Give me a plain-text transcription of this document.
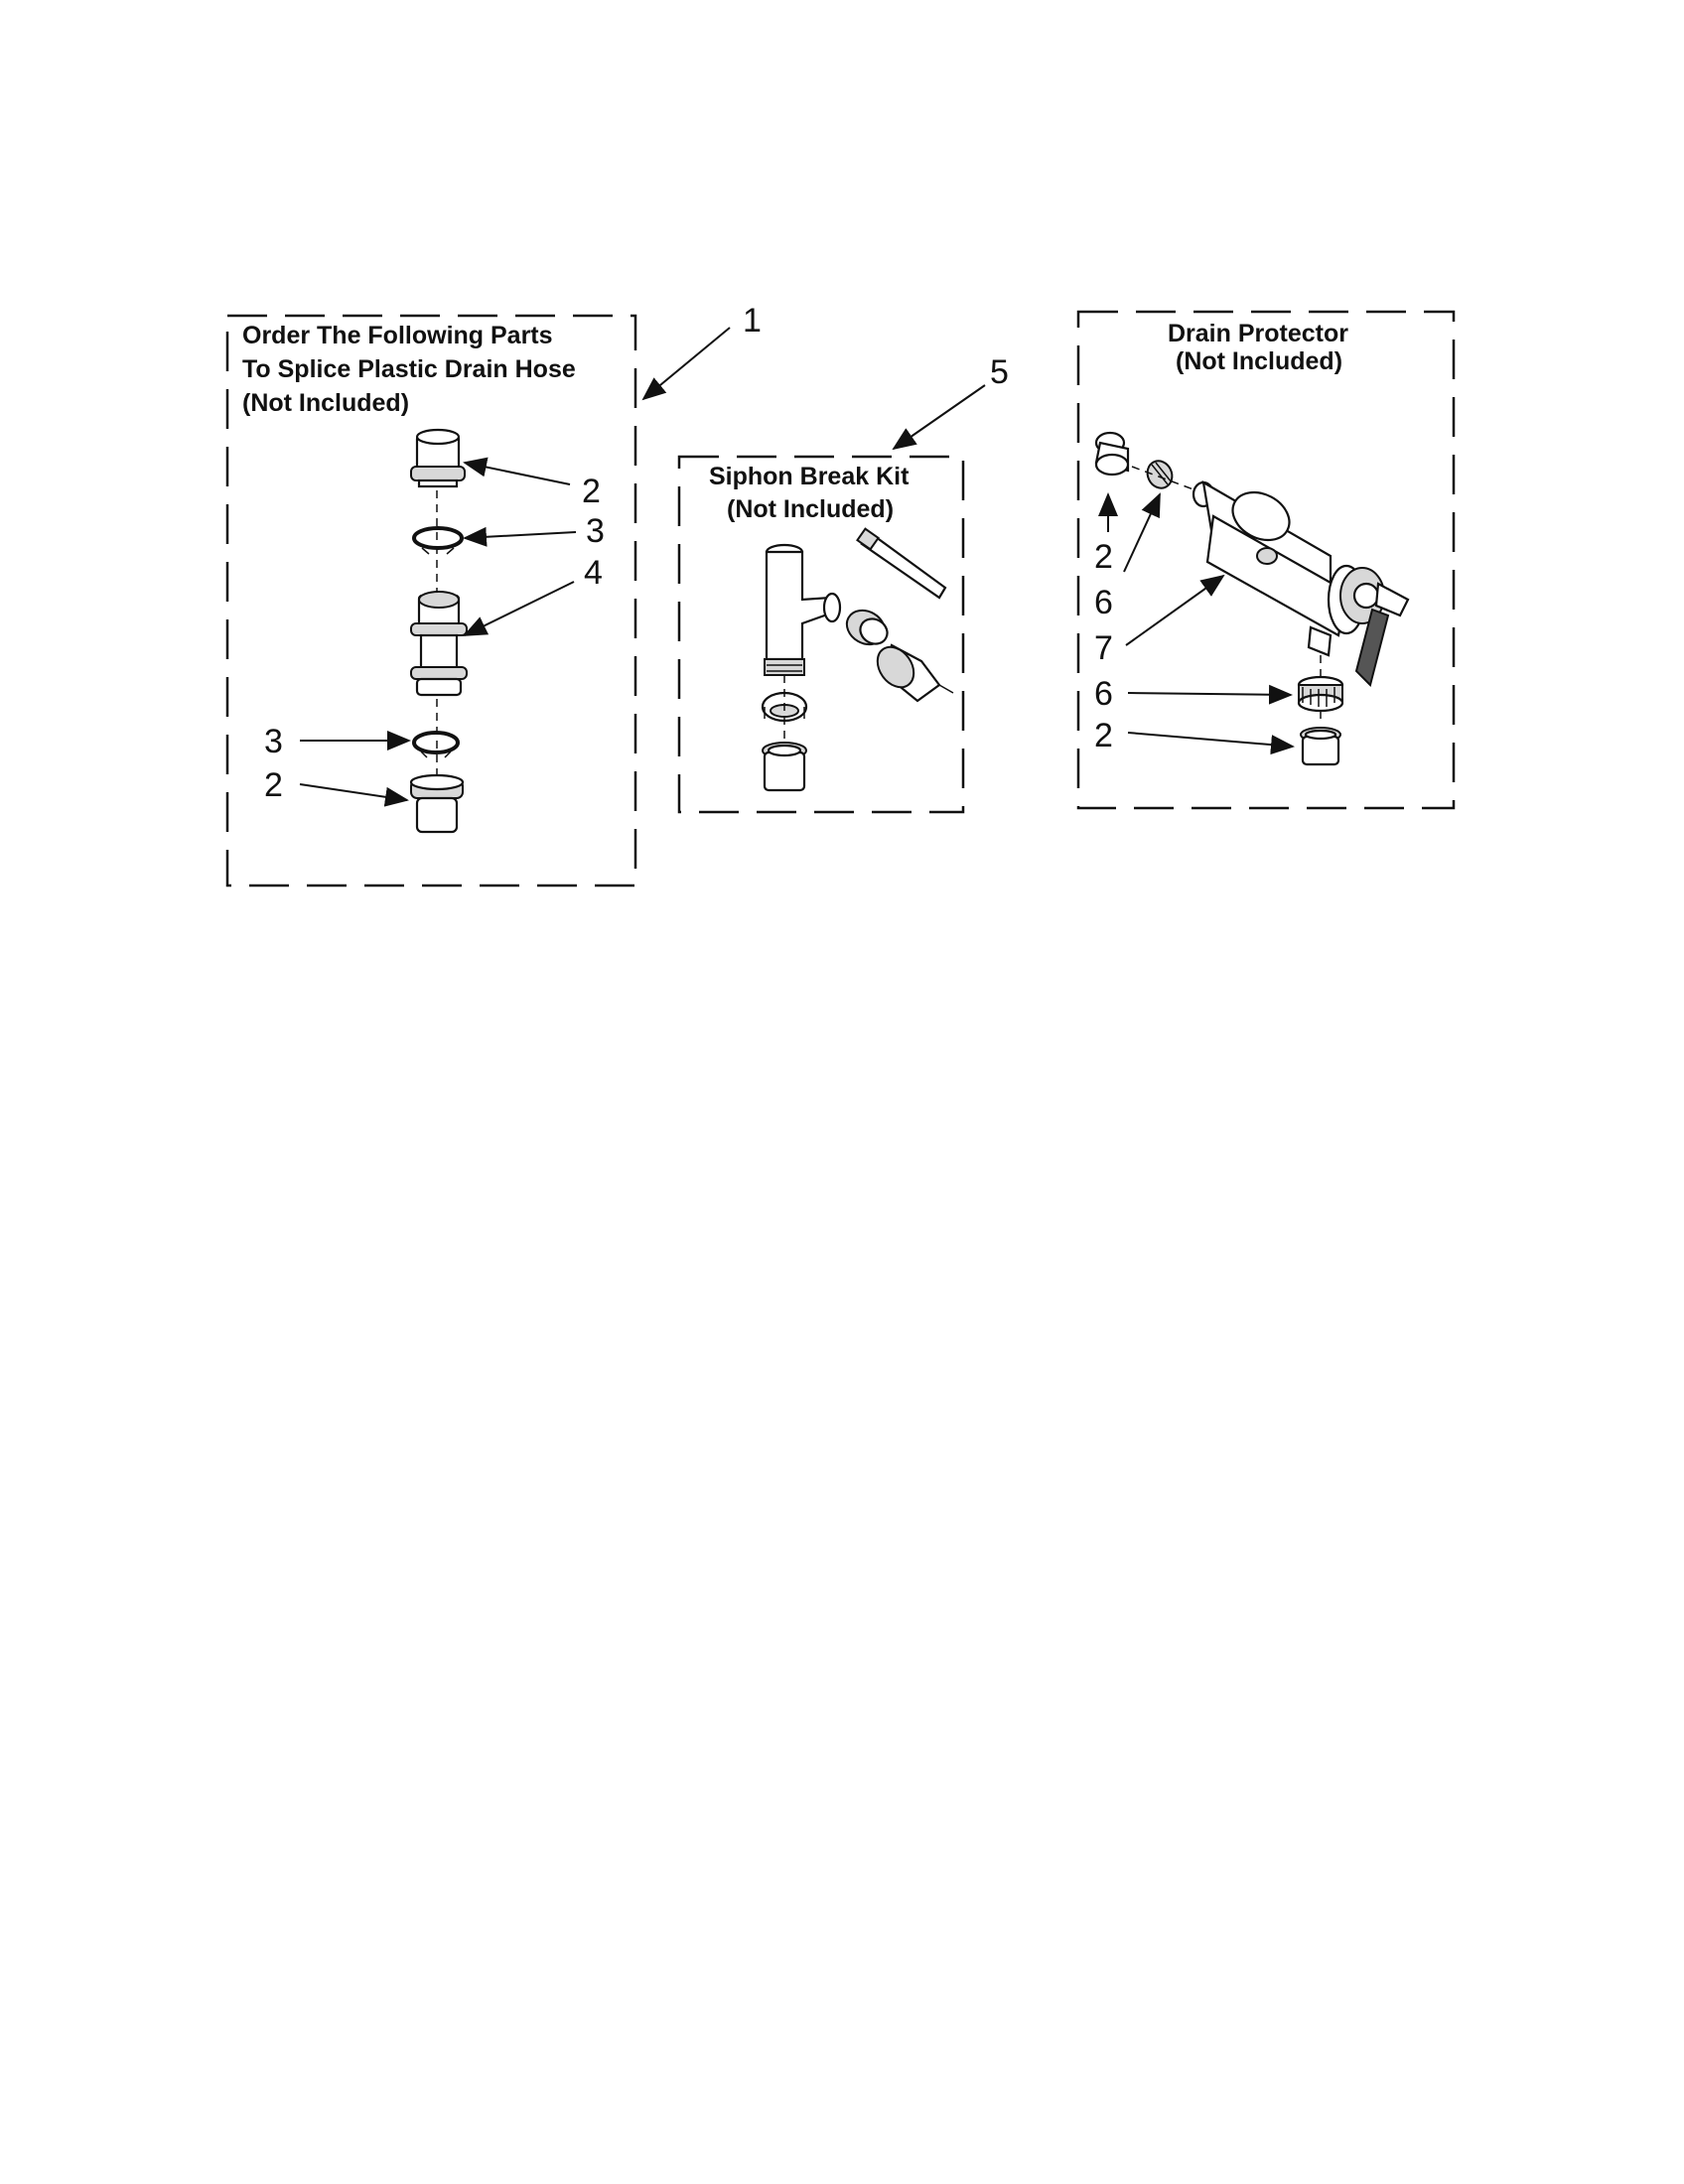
Order The Following Parts
To Splice Plastic Drain Hose
(Not Included)
1
2
3
4
3
2
Siphon Break Kit
(Not Included)
5
Drain Protector
(Not Included)
2
6
7
6
2
